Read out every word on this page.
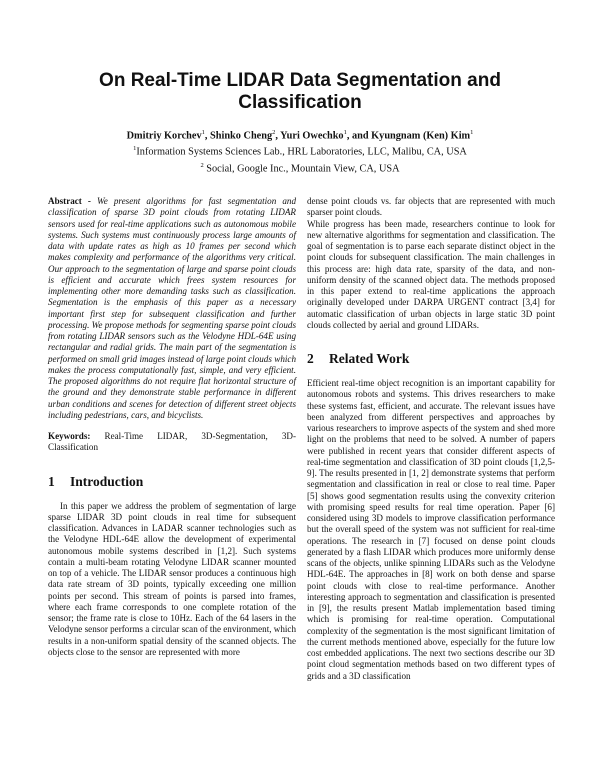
On Real-Time LIDAR Data Segmentation and Classification
Dmitriy Korchev$^1$, Shinko Cheng$^2$, Yuri Owechko$^1$, and Kyungnam (Ken) Kim$^1$
$^1$Information Systems Sciences Lab., HRL Laboratories, LLC, Malibu, CA, USA
$^2$ Social, Google Inc., Mountain View, CA, USA

Abstract - We present algorithms for fast segmentation and classification of sparse 3D point clouds from rotating LIDAR sensors used for real-time applications such as autonomous mobile systems. Such systems must continuously process large amounts of data with update rates as high as 10 frames per second which makes complexity and performance of the algorithms very critical. Our approach to the segmentation of large and sparse point clouds is efficient and accurate which frees system resources for implementing other more demanding tasks such as classification. Segmentation is the emphasis of this paper as a necessary important first step for subsequent classification and further processing. We propose methods for segmenting sparse point clouds from rotating LIDAR sensors such as the Velodyne HDL-64E using rectangular and radial grids. The main part of the segmentation is performed on small grid images instead of large point clouds which makes the process computationally fast, simple, and very efficient. The proposed algorithms do not require flat horizontal structure of the ground and they demonstrate stable performance in different urban conditions and scenes for detection of different street objects including pedestrians, cars, and bicyclists.

Keywords: Real-Time LIDAR, 3D-Segmentation, 3D-Classification

1 Introduction

In this paper we address the problem of segmentation of large sparse LIDAR 3D point clouds in real time for subsequent classification. Advances in LADAR scanner technologies such as the Velodyne HDL-64E allow the development of experimental autonomous mobile systems described in [1,2]. Such systems contain a multi-beam rotating Velodyne LIDAR scanner mounted on top of a vehicle. The LIDAR sensor produces a continuous high data rate stream of 3D points, typically exceeding one million points per second. This stream of points is parsed into frames, where each frame corresponds to one complete rotation of the sensor; the frame rate is close to 10Hz. Each of the 64 lasers in the Velodyne sensor performs a circular scan of the environment, which results in a non-uniform spatial density of the scanned objects. The objects close to the sensor are represented with more

dense point clouds vs. far objects that are represented with much sparser point clouds.

While progress has been made, researchers continue to look for new alternative algorithms for segmentation and classification. The goal of segmentation is to parse each separate distinct object in the point clouds for subsequent classification. The main challenges in this process are: high data rate, sparsity of the data, and non-uniform density of the scanned object data. The methods proposed in this paper extend to real-time applications the approach originally developed under DARPA URGENT contract [3,4] for automatic classification of urban objects in large static 3D point clouds collected by aerial and ground LIDARs.

2 Related Work

Efficient real-time object recognition is an important capability for autonomous robots and systems. This drives researchers to make these systems fast, efficient, and accurate. The relevant issues have been analyzed from different perspectives and approaches by various researchers to improve aspects of the system and shed more light on the problems that need to be solved. A number of papers were published in recent years that consider different aspects of real-time segmentation and classification of 3D point clouds [1,2,5-9]. The results presented in [1, 2] demonstrate systems that perform segmentation and classification in real or close to real time. Paper [5] shows good segmentation results using the convexity criterion with promising speed results for real time operation. Paper [6] considered using 3D models to improve classification performance but the overall speed of the system was not sufficient for real-time operations. The research in [7] focused on dense point clouds generated by a flash LIDAR which produces more uniformly dense scans of the objects, unlike spinning LIDARs such as the Velodyne HDL-64E. The approaches in [8] work on both dense and sparse point clouds with close to real-time performance. Another interesting approach to segmentation and classification is presented in [9], the results present Matlab implementation based timing which is promising for real-time operation. Computational complexity of the segmentation is the most significant limitation of the current methods mentioned above, especially for the future low cost embedded applications. The next two sections describe our 3D point cloud segmentation methods based on two different types of grids and a 3D classification
